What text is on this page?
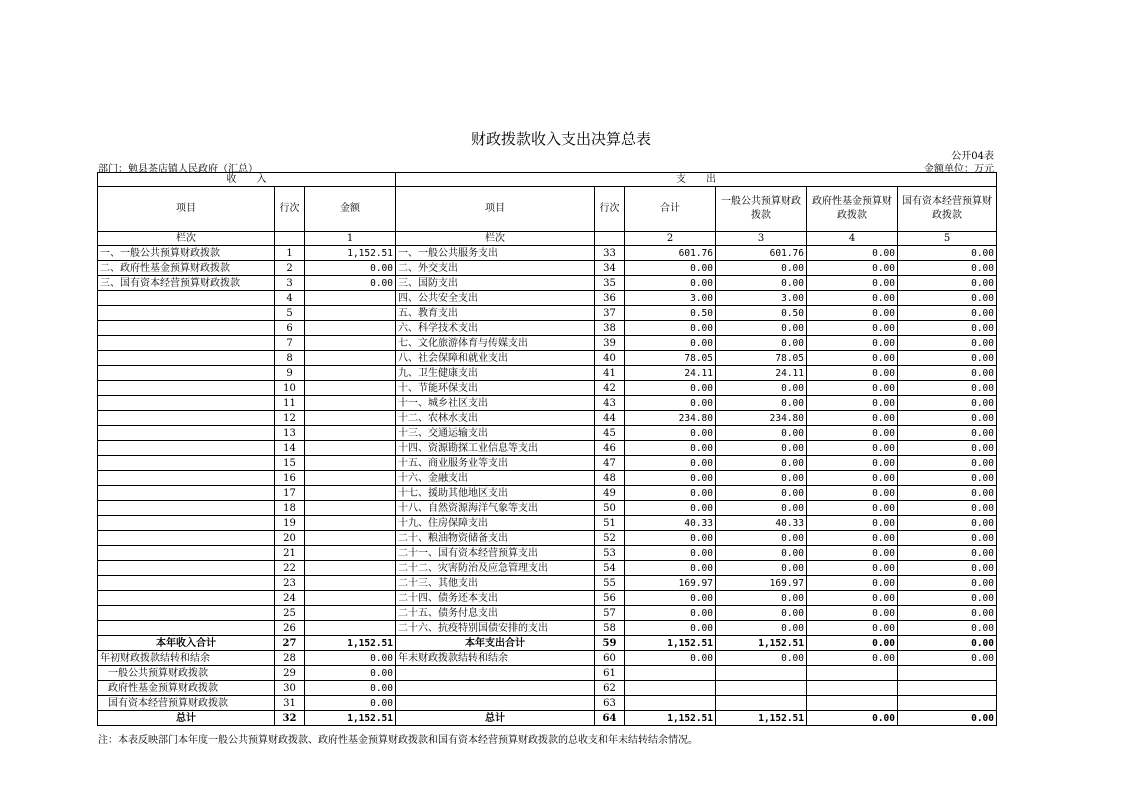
财政拨款收入支出决算总表
公开04表
部门：勉县茶店镇人民政府（汇总）	金额单位：万元
收　　入			支　　出					
项目	行次	金额	项目	行次	合计	一般公共预算财政拨款	政府性基金预算财政拨款	国有资本经营预算财政拨款
栏次		1	栏次		2	3	4	5
一、一般公共预算财政拨款	1	1,152.51	一、一般公共服务支出	33	601.76	601.76	0.00	0.00
二、政府性基金预算财政拨款	2	0.00	二、外交支出	34	0.00	0.00	0.00	0.00
三、国有资本经营预算财政拨款	3	0.00	三、国防支出	35	0.00	0.00	0.00	0.00
	4		四、公共安全支出	36	3.00	3.00	0.00	0.00
	5		五、教育支出	37	0.50	0.50	0.00	0.00
	6		六、科学技术支出	38	0.00	0.00	0.00	0.00
	7		七、文化旅游体育与传媒支出	39	0.00	0.00	0.00	0.00
	8		八、社会保障和就业支出	40	78.05	78.05	0.00	0.00
	9		九、卫生健康支出	41	24.11	24.11	0.00	0.00
	10		十、节能环保支出	42	0.00	0.00	0.00	0.00
	11		十一、城乡社区支出	43	0.00	0.00	0.00	0.00
	12		十二、农林水支出	44	234.80	234.80	0.00	0.00
	13		十三、交通运输支出	45	0.00	0.00	0.00	0.00
	14		十四、资源勘探工业信息等支出	46	0.00	0.00	0.00	0.00
	15		十五、商业服务业等支出	47	0.00	0.00	0.00	0.00
	16		十六、金融支出	48	0.00	0.00	0.00	0.00
	17		十七、援助其他地区支出	49	0.00	0.00	0.00	0.00
	18		十八、自然资源海洋气象等支出	50	0.00	0.00	0.00	0.00
	19		十九、住房保障支出	51	40.33	40.33	0.00	0.00
	20		二十、粮油物资储备支出	52	0.00	0.00	0.00	0.00
	21		二十一、国有资本经营预算支出	53	0.00	0.00	0.00	0.00
	22		二十二、灾害防治及应急管理支出	54	0.00	0.00	0.00	0.00
	23		二十三、其他支出	55	169.97	169.97	0.00	0.00
	24		二十四、债务还本支出	56	0.00	0.00	0.00	0.00
	25		二十五、债务付息支出	57	0.00	0.00	0.00	0.00
	26		二十六、抗疫特别国债安排的支出	58	0.00	0.00	0.00	0.00
本年收入合计	27	1,152.51	本年支出合计	59	1,152.51	1,152.51	0.00	0.00
年初财政拨款结转和结余	28	0.00	年末财政拨款结转和结余	60	0.00	0.00	0.00	0.00
一般公共预算财政拨款	29	0.00		61				
政府性基金预算财政拨款	30	0.00		62				
国有资本经营预算财政拨款	31	0.00		63				
总计	32	1,152.51	总计	64	1,152.51	1,152.51	0.00	0.00
注：本表反映部门本年度一般公共预算财政拨款、政府性基金预算财政拨款和国有资本经营预算财政拨款的总收支和年末结转结余情况。
